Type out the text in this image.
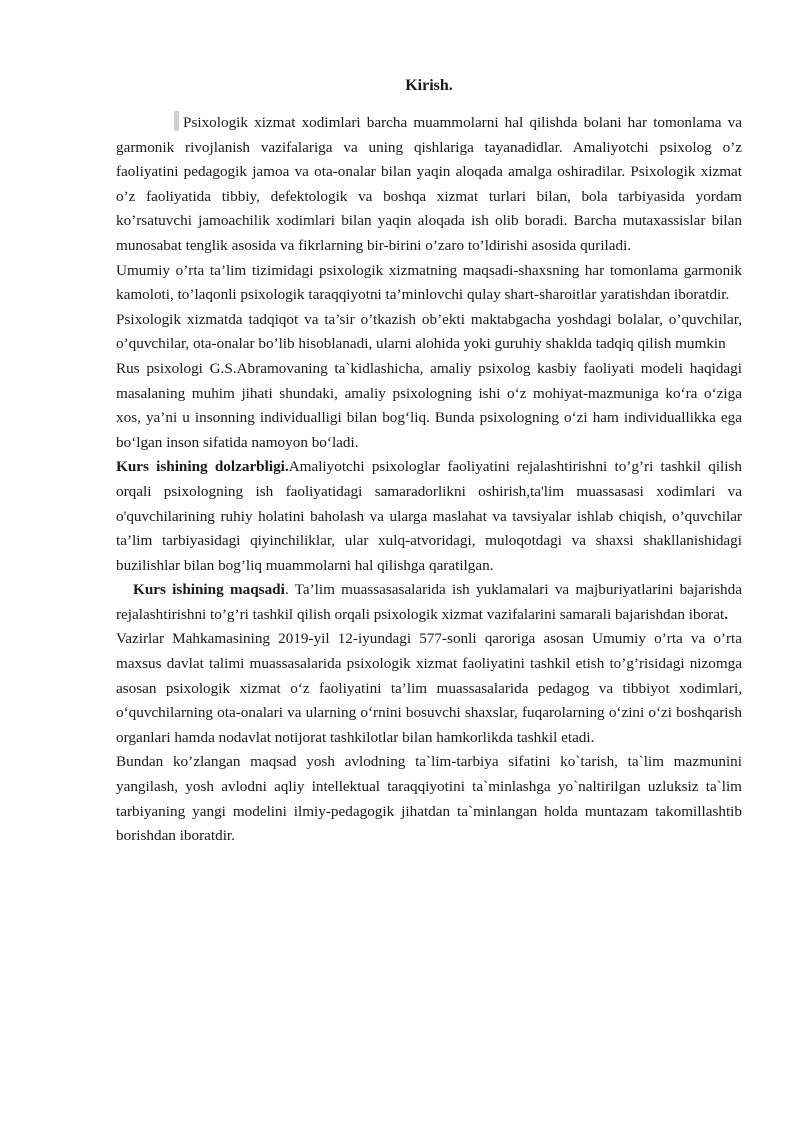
Kirish.

Psixologik xizmat xodimlari barcha muammolarni hal qilishda bolani har tomonlama va garmonik rivojlanish vazifalariga va uning qishlariga tayanadidlar. Amaliyotchi psixolog o’z faoliyatini pedagogik jamoa va ota-onalar bilan yaqin aloqada amalga oshiradilar. Psixologik xizmat o’z faoliyatida tibbiy, defektologik va boshqa xizmat turlari bilan, bola tarbiyasida yordam ko’rsatuvchi jamoachilik xodimlari bilan yaqin aloqada ish olib boradi. Barcha mutaxassislar bilan munosabat tenglik asosida va fikrlarning bir-birini o’zaro to’ldirishi asosida quriladi.

Umumiy o’rta ta’lim tizimidagi psixologik xizmatning maqsadi-shaxsning har tomonlama garmonik kamoloti, to’laqonli psixologik taraqqiyotni ta’minlovchi qulay shart-sharoitlar yaratishdan iboratdir.

Psixologik xizmatda tadqiqot va ta’sir o’tkazish ob’ekti maktabgacha yoshdagi bolalar, o’quvchilar, o’quvchilar, ota-onalar bo’lib hisoblanadi, ularni alohida yoki guruhiy shaklda tadqiq qilish mumkin

Rus psixologi G.S.Abramovaning ta`kidlashicha, amaliy psixolog kasbiy faoliyati modeli haqidagi masalaning muhim jihati shundaki, amaliy psixologning ishi o‘z mohiyat-mazmuniga ko‘ra o‘ziga xos, ya’ni u insonning individualligi bilan bog‘liq. Bunda psixologning o‘zi ham individuallikka ega bo‘lgan inson sifatida namoyon bo‘ladi.

Kurs ishining dolzarbligi.Amaliyotchi psixologlar faoliyatini rejalashtirishni to’g’ri tashkil qilish orqali psixologning ish faoliyatidagi samaradorlikni oshirish,ta'lim muassasasi xodimlari va o'quvchilarining ruhiy holatini baholash va ularga maslahat va tavsiyalar ishlab chiqish, o’quvchilar ta’lim tarbiyasidagi qiyinchiliklar, ular xulq-atvoridagi, muloqotdagi va shaxsi shakllanishidagi buzilishlar bilan bog’liq muammolarni hal qilishga qaratilgan.

Kurs ishining maqsadi. Ta’lim muassasasalarida ish yuklamalari va majburiyatlarini bajarishda rejalashtirishni to’g’ri tashkil qilish orqali psixologik xizmat vazifalarini samarali bajarishdan iborat.

Vazirlar Mahkamasining 2019-yil 12-iyundagi 577-sonli qaroriga asosan Umumiy o’rta va o’rta maxsus davlat talimi muassasalarida psixologik xizmat faoliyatini tashkil etish to’g’risidagi nizomga asosan psixologik xizmat o‘z faoliyatini ta’lim muassasalarida pedagog va tibbiyot xodimlari, o‘quvchilarning ota-onalari va ularning o‘rnini bosuvchi shaxslar, fuqarolarning o‘zini o‘zi boshqarish organlari hamda nodavlat notijorat tashkilotlar bilan hamkorlikda tashkil etadi.

Bundan ko’zlangan maqsad yosh avlodning ta`lim-tarbiya sifatini ko`tarish, ta`lim mazmunini yangilash, yosh avlodni aqliy intellektual taraqqiyotini ta`minlashga yo`naltirilgan uzluksiz ta`lim tarbiyaning yangi modelini ilmiy-pedagogik jihatdan ta`minlangan holda muntazam takomillashtib borishdan iboratdir.
